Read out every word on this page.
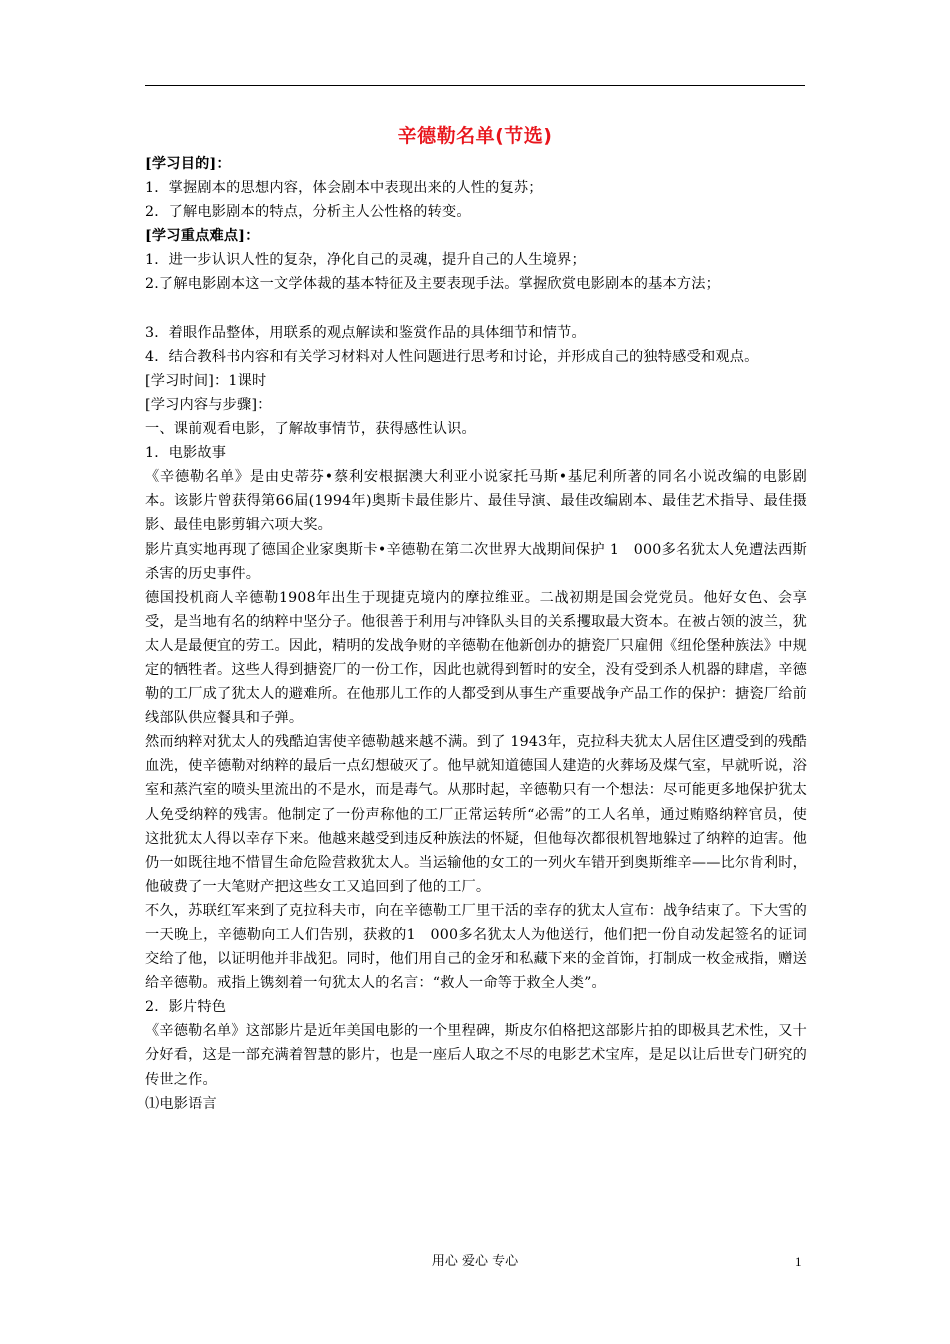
辛德勒名单(节选)

[学习目的]：

1．掌握剧本的思想内容，体会剧本中表现出来的人性的复苏；

2．了解电影剧本的特点，分析主人公性格的转变。

[学习重点难点]：

1．进一步认识人性的复杂，净化自己的灵魂，提升自己的人生境界；

2.了解电影剧本这一文学体裁的基本特征及主要表现手法。掌握欣赏电影剧本的基本方法；

3．着眼作品整体，用联系的观点解读和鉴赏作品的具体细节和情节。

4．结合教科书内容和有关学习材料对人性问题进行思考和讨论，并形成自己的独特感受和观点。

[学习时间]：1课时

[学习内容与步骤]：

一、课前观看电影，了解故事情节，获得感性认识。

1．电影故事

《辛德勒名单》是由史蒂芬•蔡利安根据澳大利亚小说家托马斯•基尼利所著的同名小说改编的电影剧本。该影片曾获得第66届(1994年)奥斯卡最佳影片、最佳导演、最佳改编剧本、最佳艺术指导、最佳摄影、最佳电影剪辑六项大奖。

影片真实地再现了德国企业家奥斯卡•辛德勒在第二次世界大战期间保护 1　000多名犹太人免遭法西斯杀害的历史事件。

德国投机商人辛德勒1908年出生于现捷克境内的摩拉维亚。二战初期是国会党党员。他好女色、会享受，是当地有名的纳粹中坚分子。他很善于利用与冲锋队头目的关系攫取最大资本。在被占领的波兰，犹太人是最便宜的劳工。因此，精明的发战争财的辛德勒在他新创办的搪瓷厂只雇佣《纽伦堡种族法》中规定的牺牲者。这些人得到搪瓷厂的一份工作，因此也就得到暂时的安全，没有受到杀人机器的肆虐，辛德勒的工厂成了犹太人的避难所。在他那儿工作的人都受到从事生产重要战争产品工作的保护：搪瓷厂给前线部队供应餐具和子弹。

然而纳粹对犹太人的残酷迫害使辛德勒越来越不满。到了 1943年，克拉科夫犹太人居住区遭受到的残酷血洗，使辛德勒对纳粹的最后一点幻想破灭了。他早就知道德国人建造的火葬场及煤气室，早就听说，浴室和蒸汽室的喷头里流出的不是水，而是毒气。从那时起，辛德勒只有一个想法：尽可能更多地保护犹太人免受纳粹的残害。他制定了一份声称他的工厂正常运转所“必需”的工人名单，通过贿赂纳粹官员，使这批犹太人得以幸存下来。他越来越受到违反种族法的怀疑，但他每次都很机智地躲过了纳粹的迫害。他仍一如既往地不惜冒生命危险营救犹太人。当运输他的女工的一列火车错开到奥斯维辛——比尔肯利时，他破费了一大笔财产把这些女工又追回到了他的工厂。

不久，苏联红军来到了克拉科夫市，向在辛德勒工厂里干活的幸存的犹太人宣布：战争结束了。下大雪的一天晚上，辛德勒向工人们告别，获救的1　000多名犹太人为他送行，他们把一份自动发起签名的证词交给了他，以证明他并非战犯。同时，他们用自己的金牙和私藏下来的金首饰，打制成一枚金戒指，赠送给辛德勒。戒指上镌刻着一句犹太人的名言：“救人一命等于救全人类”。

2．影片特色

《辛德勒名单》这部影片是近年美国电影的一个里程碑，斯皮尔伯格把这部影片拍的即极具艺术性，又十分好看，这是一部充满着智慧的影片，也是一座后人取之不尽的电影艺术宝库，是足以让后世专门研究的传世之作。

⑴电影语言

用心 爱心 专心	1
